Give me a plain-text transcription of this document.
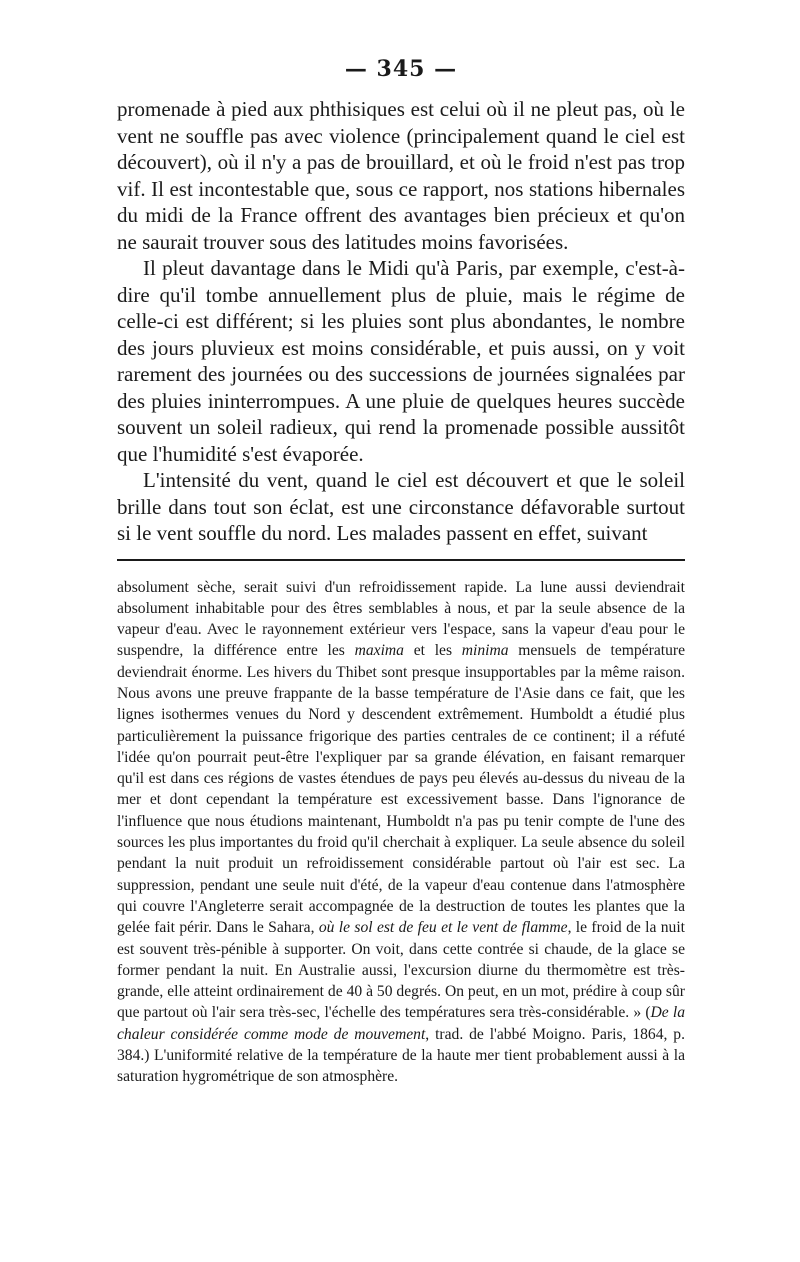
— 345 —

promenade à pied aux phthisiques est celui où il ne pleut pas, où le vent ne souffle pas avec violence (principalement quand le ciel est découvert), où il n'y a pas de brouillard, et où le froid n'est pas trop vif. Il est incontestable que, sous ce rapport, nos stations hibernales du midi de la France offrent des avantages bien précieux et qu'on ne saurait trouver sous des latitudes moins favorisées.

Il pleut davantage dans le Midi qu'à Paris, par exemple, c'est-à-dire qu'il tombe annuellement plus de pluie, mais le régime de celle-ci est différent; si les pluies sont plus abondantes, le nombre des jours pluvieux est moins considérable, et puis aussi, on y voit rarement des journées ou des successions de journées signalées par des pluies ininterrompues. A une pluie de quelques heures succède souvent un soleil radieux, qui rend la promenade possible aussitôt que l'humidité s'est évaporée.

L'intensité du vent, quand le ciel est découvert et que le soleil brille dans tout son éclat, est une circonstance défavorable surtout si le vent souffle du nord. Les malades passent en effet, suivant

absolument sèche, serait suivi d'un refroidissement rapide. La lune aussi deviendrait absolument inhabitable pour des êtres semblables à nous, et par la seule absence de la vapeur d'eau. Avec le rayonnement extérieur vers l'espace, sans la vapeur d'eau pour le suspendre, la différence entre les maxima et les minima mensuels de température deviendrait énorme. Les hivers du Thibet sont presque insupportables par la même raison. Nous avons une preuve frappante de la basse température de l'Asie dans ce fait, que les lignes isothermes venues du Nord y descendent extrêmement. Humboldt a étudié plus particulièrement la puissance frigorique des parties centrales de ce continent; il a réfuté l'idée qu'on pourrait peut-être l'expliquer par sa grande élévation, en faisant remarquer qu'il est dans ces régions de vastes étendues de pays peu élevés au-dessus du niveau de la mer et dont cependant la température est excessivement basse. Dans l'ignorance de l'influence que nous étudions maintenant, Humboldt n'a pas pu tenir compte de l'une des sources les plus importantes du froid qu'il cherchait à expliquer. La seule absence du soleil pendant la nuit produit un refroidissement considérable partout où l'air est sec. La suppression, pendant une seule nuit d'été, de la vapeur d'eau contenue dans l'atmosphère qui couvre l'Angleterre serait accompagnée de la destruction de toutes les plantes que la gelée fait périr. Dans le Sahara, où le sol est de feu et le vent de flamme, le froid de la nuit est souvent très-pénible à supporter. On voit, dans cette contrée si chaude, de la glace se former pendant la nuit. En Australie aussi, l'excursion diurne du thermomètre est très-grande, elle atteint ordinairement de 40 à 50 degrés. On peut, en un mot, prédire à coup sûr que partout où l'air sera très-sec, l'échelle des températures sera très-considérable. » (De la chaleur considérée comme mode de mouvement, trad. de l'abbé Moigno. Paris, 1864, p. 384.) L'uniformité relative de la température de la haute mer tient probablement aussi à la saturation hygrométrique de son atmosphère.
